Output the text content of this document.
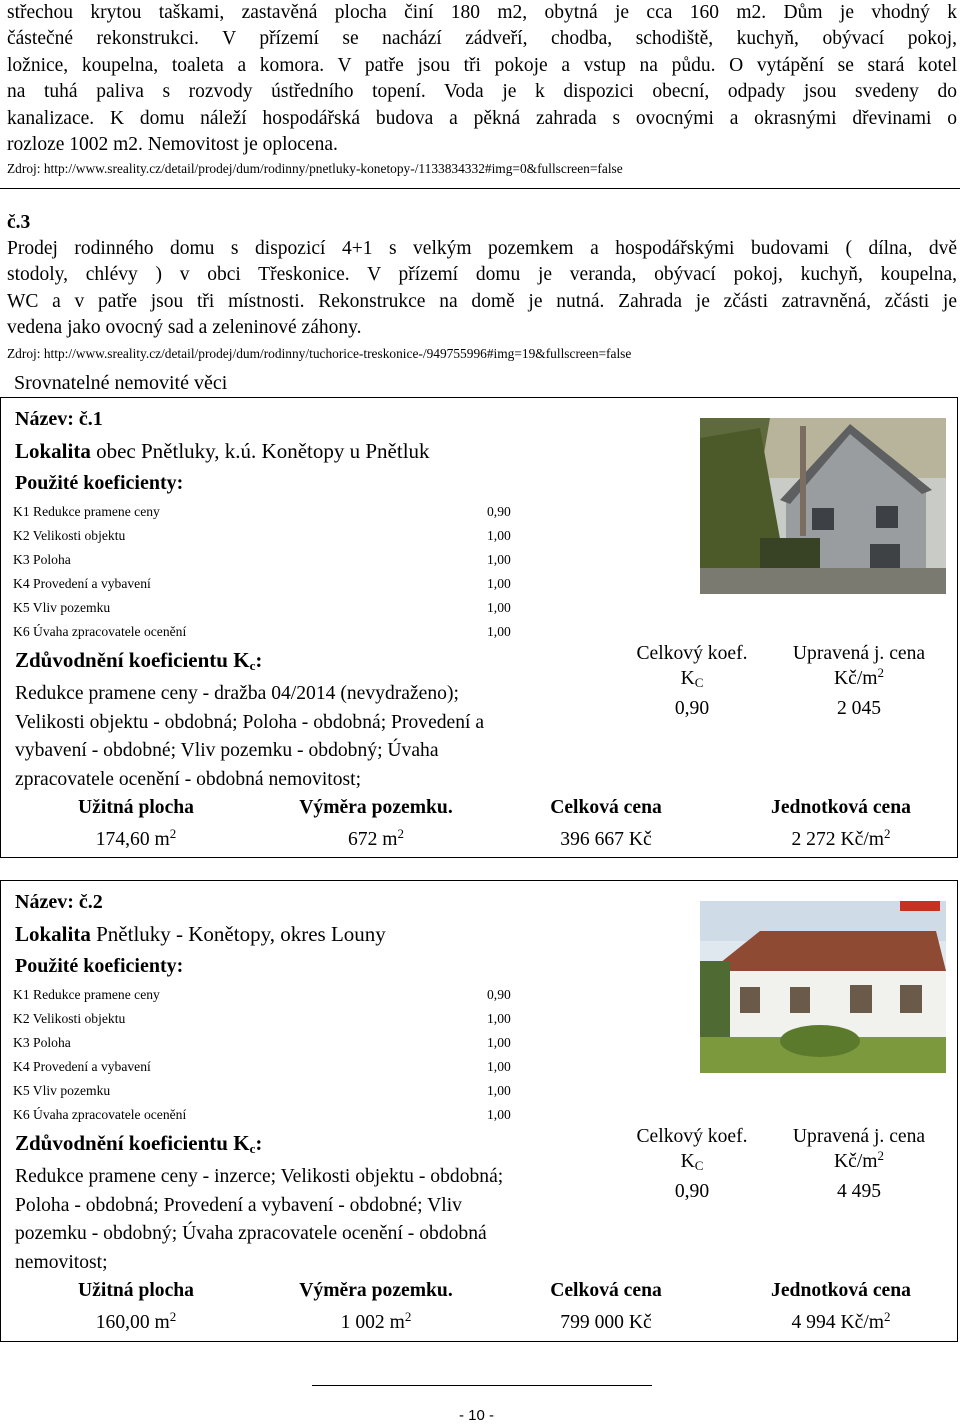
střechou krytou taškami, zastavěná plocha činí 180 m2, obytná je cca 160 m2. Dům je vhodný k
částečné rekonstrukci. V přízemí se nachází zádveří, chodba, schodiště, kuchyň, obývací pokoj,
ložnice, koupelna, toaleta a komora. V patře jsou tři pokoje a vstup na půdu. O vytápění se stará kotel
na tuhá paliva s rozvody ústředního topení. Voda je k dispozici obecní, odpady jsou svedeny do
kanalizace. K domu náleží hospodářská budova a pěkná zahrada s ovocnými a okrasnými dřevinami o
rozloze 1002 m2. Nemovitost je oplocena.
Zdroj: http://www.sreality.cz/detail/prodej/dum/rodinny/pnetluky-konetopy-/1133834332#img=0&fullscreen=false
č.3
Prodej rodinného domu s dispozicí 4+1 s velkým pozemkem a hospodářskými budovami ( dílna, dvě
stodoly, chlévy ) v obci Třeskonice. V přízemí domu je veranda, obývací pokoj, kuchyň, koupelna,
WC a v patře jsou tři místnosti. Rekonstrukce na domě je nutná. Zahrada je zčásti zatravněná, zčásti je
vedena jako ovocný sad a zeleninové záhony.
Zdroj: http://www.sreality.cz/detail/prodej/dum/rodinny/tuchorice-treskonice-/949755996#img=19&fullscreen=false
Srovnatelné nemovité věci
Název: č.1
Lokalita obec Pnětluky, k.ú. Konětopy u Pnětluk
Použité koeficienty:
K1 Redukce pramene ceny	0,90
K2 Velikosti objektu	1,00
K3 Poloha	1,00
K4 Provedení a vybavení	1,00
K5 Vliv pozemku	1,00
K6 Úvaha zpracovatele ocenění	1,00
Zdůvodnění koeficientu Kc:
Redukce pramene ceny - dražba 04/2014 (nevydraženo);
Velikosti objektu - obdobná; Poloha - obdobná; Provedení a
vybavení - obdobné; Vliv pozemku - obdobný; Úvaha
zpracovatele ocenění - obdobná nemovitost;
Celkový koef.
KC
0,90
Upravená j. cena
$Kč/m^2$
2 045
Užitná plocha	Výměra pozemku.	Celková cena	Jednotková cena
174,60 $m^2$	672 $m^2$	396 667 Kč	2 272 $Kč/m^2$
Název: č.2
Lokalita Pnětluky - Konětopy, okres Louny
Použité koeficienty:
K1 Redukce pramene ceny	0,90
K2 Velikosti objektu	1,00
K3 Poloha	1,00
K4 Provedení a vybavení	1,00
K5 Vliv pozemku	1,00
K6 Úvaha zpracovatele ocenění	1,00
Zdůvodnění koeficientu Kc:
Redukce pramene ceny - inzerce; Velikosti objektu - obdobná;
Poloha - obdobná; Provedení a vybavení - obdobné; Vliv
pozemku - obdobný; Úvaha zpracovatele ocenění - obdobná
nemovitost;
Celkový koef.
KC
0,90
Upravená j. cena
$Kč/m^2$
4 495
Užitná plocha	Výměra pozemku.	Celková cena	Jednotková cena
160,00 $m^2$	1 002 $m^2$	799 000 Kč	4 994 $Kč/m^2$
- 10 -
